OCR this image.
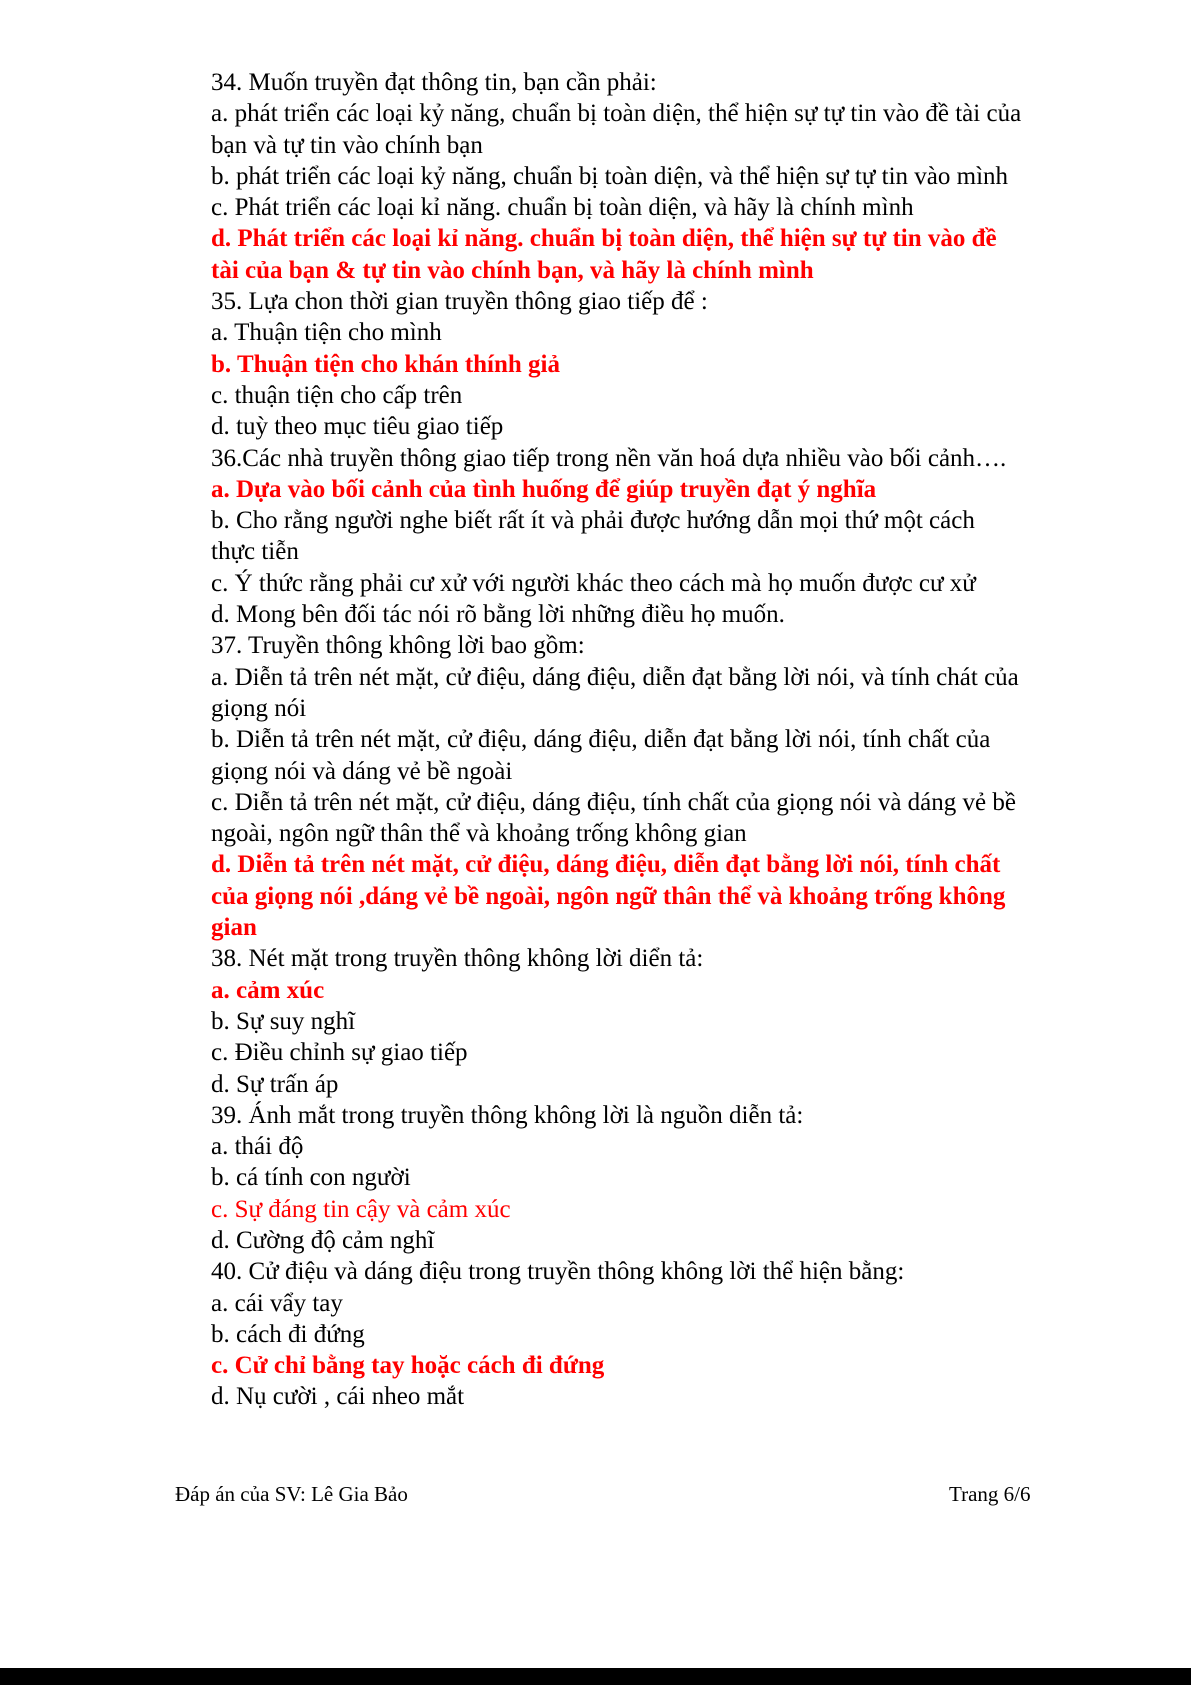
34. Muốn truyền đạt thông tin, bạn cần phải:
a. phát triển các loại kỷ năng, chuẩn bị toàn diện, thể hiện sự tự tin vào đề tài của
bạn và tự tin vào chính bạn
b. phát triển các loại kỷ năng, chuẩn bị toàn diện, và thể hiện sự tự tin vào mình
c. Phát triển các loại kỉ năng. chuẩn bị toàn diện, và hãy là chính mình
d. Phát triển các loại kỉ năng. chuẩn bị toàn diện, thể hiện sự tự tin vào đề
tài của bạn & tự tin vào chính bạn, và hãy là chính mình
35. Lựa chon thời gian truyền thông giao tiếp để :
a. Thuận tiện cho mình
b. Thuận tiện cho khán thính giả
c. thuận tiện cho cấp trên
d. tuỳ theo mục tiêu giao tiếp
36.Các nhà truyền thông giao tiếp trong nền văn hoá dựa nhiều vào bối cảnh….
a. Dựa vào bối cảnh của tình huống để giúp truyền đạt ý nghĩa
b. Cho rằng người nghe biết rất ít và phải được hướng dẫn mọi thứ một cách
thực tiễn
c. Ý thức rằng phải cư xử với người khác theo cách mà họ muốn được cư xử
d. Mong bên đối tác nói rõ bằng lời những điều họ muốn.
37. Truyền thông không lời bao gồm:
a. Diễn tả trên nét mặt, cử điệu, dáng điệu, diễn đạt bằng lời nói, và tính chát của
giọng nói
b. Diễn tả trên nét mặt, cử điệu, dáng điệu, diễn đạt bằng lời nói, tính chất của
giọng nói và dáng vẻ bề ngoài
c. Diễn tả trên nét mặt, cử điệu, dáng điệu, tính chất của giọng nói và dáng vẻ bề
ngoài, ngôn ngữ thân thể và khoảng trống không gian
d. Diễn tả trên nét mặt, cử điệu, dáng điệu, diễn đạt bằng lời nói, tính chất
của giọng nói ,dáng vẻ bề ngoài, ngôn ngữ thân thể và khoảng trống không
gian
38. Nét mặt trong truyền thông không lời diển tả:
a. cảm xúc
b. Sự suy nghĩ
c. Điều chỉnh sự giao tiếp
d. Sự trấn áp
39. Ánh mắt trong truyền thông không lời là nguồn diễn tả:
a. thái độ
b. cá tính con người
c. Sự đáng tin cậy và cảm xúc
d. Cường độ cảm nghĩ
40. Cử điệu và dáng điệu trong truyền thông không lời thể hiện bằng:
a. cái vẩy tay
b. cách đi đứng
c. Cử chỉ bằng tay hoặc cách đi đứng
d. Nụ cười , cái nheo mắt
Đáp án của SV: Lê Gia Bảo	Trang 6/6
